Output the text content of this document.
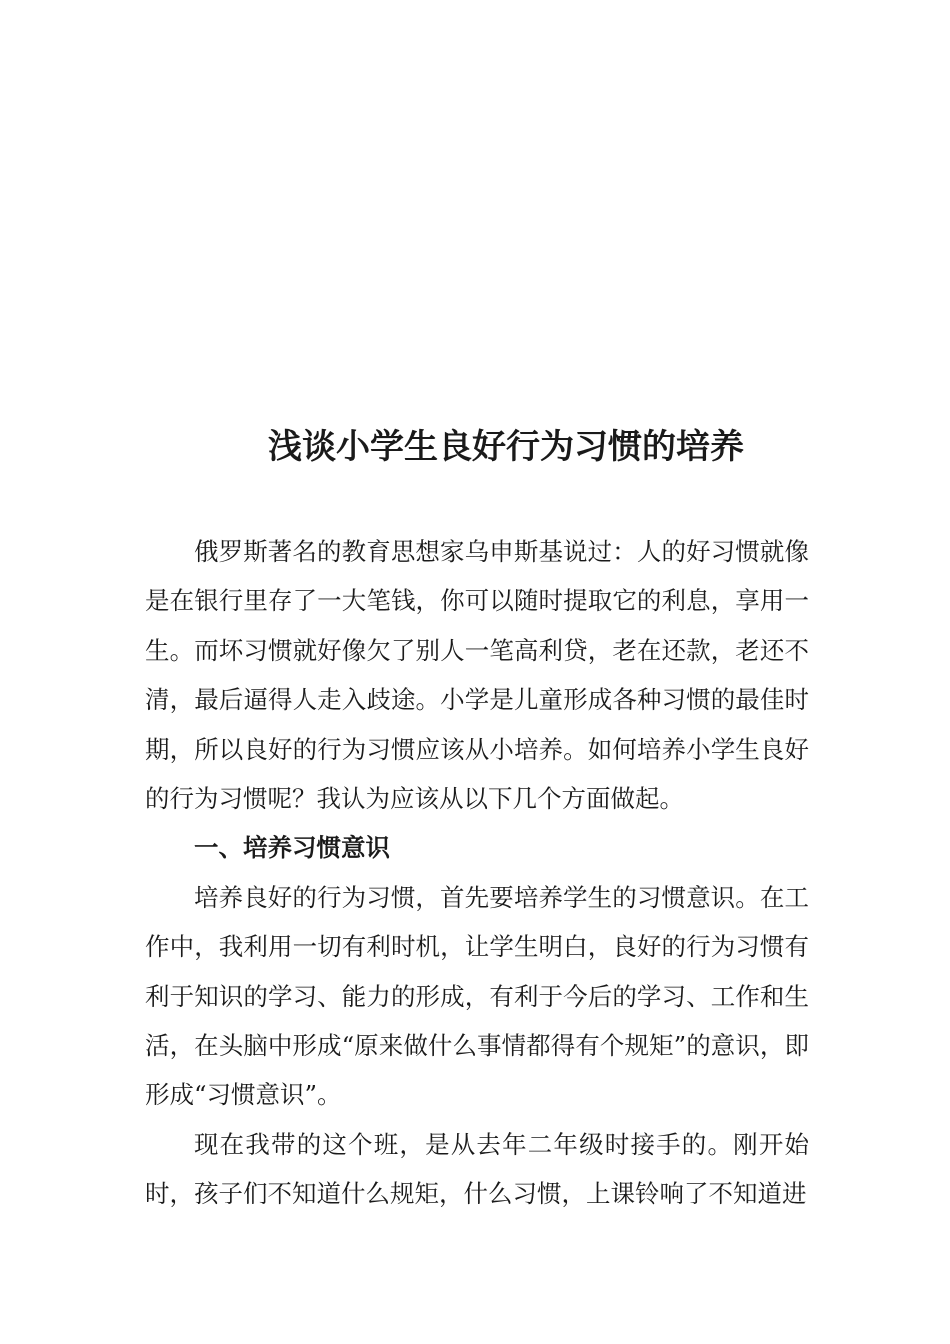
浅谈小学生良好行为习惯的培养

俄罗斯著名的教育思想家乌申斯基说过：人的好习惯就像是在银行里存了一大笔钱，你可以随时提取它的利息，享用一生。而坏习惯就好像欠了别人一笔高利贷，老在还款，老还不清，最后逼得人走入歧途。小学是儿童形成各种习惯的最佳时期，所以良好的行为习惯应该从小培养。如何培养小学生良好的行为习惯呢？我认为应该从以下几个方面做起。

一、培养习惯意识

培养良好的行为习惯，首先要培养学生的习惯意识。在工作中，我利用一切有利时机，让学生明白，良好的行为习惯有利于知识的学习、能力的形成，有利于今后的学习、工作和生活，在头脑中形成“原来做什么事情都得有个规矩”的意识，即形成“习惯意识”。

现在我带的这个班，是从去年二年级时接手的。刚开始时，孩子们不知道什么规矩，什么习惯，上课铃响了不知道进
